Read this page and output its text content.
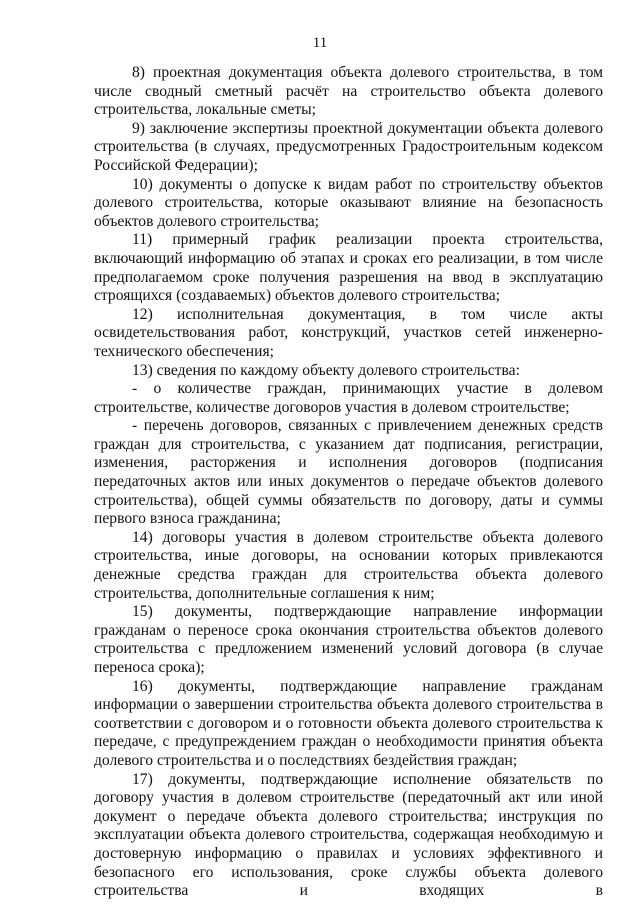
11

8) проектная документация объекта долевого строительства, в том числе сводный сметный расчёт на строительство объекта долевого строительства, локальные сметы;

9) заключение экспертизы проектной документации объекта долевого строительства (в случаях, предусмотренных Градостроительным кодексом Российской Федерации);

10) документы о допуске к видам работ по строительству объектов долевого строительства, которые оказывают влияние на безопасность объектов долевого строительства;

11) примерный график реализации проекта строительства, включающий информацию об этапах и сроках его реализации, в том числе предполагаемом сроке получения разрешения на ввод в эксплуатацию строящихся (создаваемых) объектов долевого строительства;

12) исполнительная документация, в том числе акты освидетельствования работ, конструкций, участков сетей инженерно-технического обеспечения;

13) сведения по каждому объекту долевого строительства:

- о количестве граждан, принимающих участие в долевом строительстве, количестве договоров участия в долевом строительстве;

- перечень договоров, связанных с привлечением денежных средств граждан для строительства, с указанием дат подписания, регистрации, изменения, расторжения и исполнения договоров (подписания передаточных актов или иных документов о передаче объектов долевого строительства), общей суммы обязательств по договору, даты и суммы первого взноса гражданина;

14) договоры участия в долевом строительстве объекта долевого строительства, иные договоры, на основании которых привлекаются денежные средства граждан для строительства объекта долевого строительства, дополнительные соглашения к ним;

15) документы, подтверждающие направление информации гражданам о переносе срока окончания строительства объектов долевого строительства с предложением изменений условий договора (в случае переноса срока);

16) документы, подтверждающие направление гражданам информации о завершении строительства объекта долевого строительства в соответствии с договором и о готовности объекта долевого строительства к передаче, с предупреждением граждан о необходимости принятия объекта долевого строительства и о последствиях бездействия граждан;

17) документы, подтверждающие исполнение обязательств по договору участия в долевом строительстве (передаточный акт или иной документ о передаче объекта долевого строительства; инструкция по эксплуатации объекта долевого строительства, содержащая необходимую и достоверную информацию о правилах и условиях эффективного и безопасного его использования, сроке службы объекта долевого строительства и входящих в
